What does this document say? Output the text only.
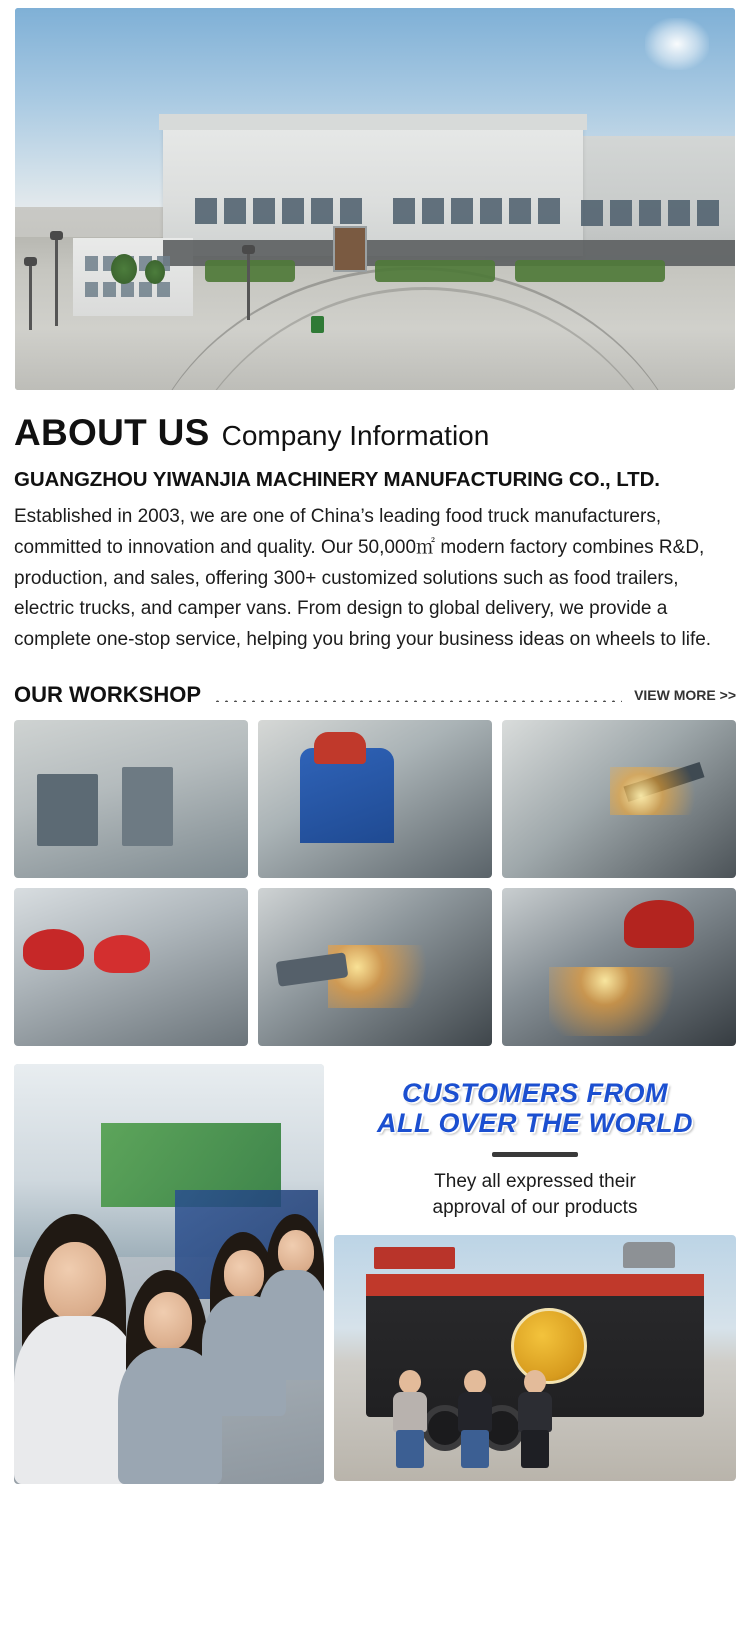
ABOUT US Company Information
GUANGZHOU YIWANJIA MACHINERY MANUFACTURING CO., LTD.

Established in 2003, we are one of China’s leading food truck manufacturers, committed to innovation and quality. Our 50,000㎡ modern factory combines R&D, production, and sales, offering 300+ customized solutions such as food trailers, electric trucks, and camper vans. From design to global delivery, we provide a complete one-stop service, helping you bring your business ideas on wheels to life.

OUR WORKSHOP	VIEW MORE >>
CUSTOMERS FROM
ALL OVER THE WORLD
They all expressed their
approval of our products
